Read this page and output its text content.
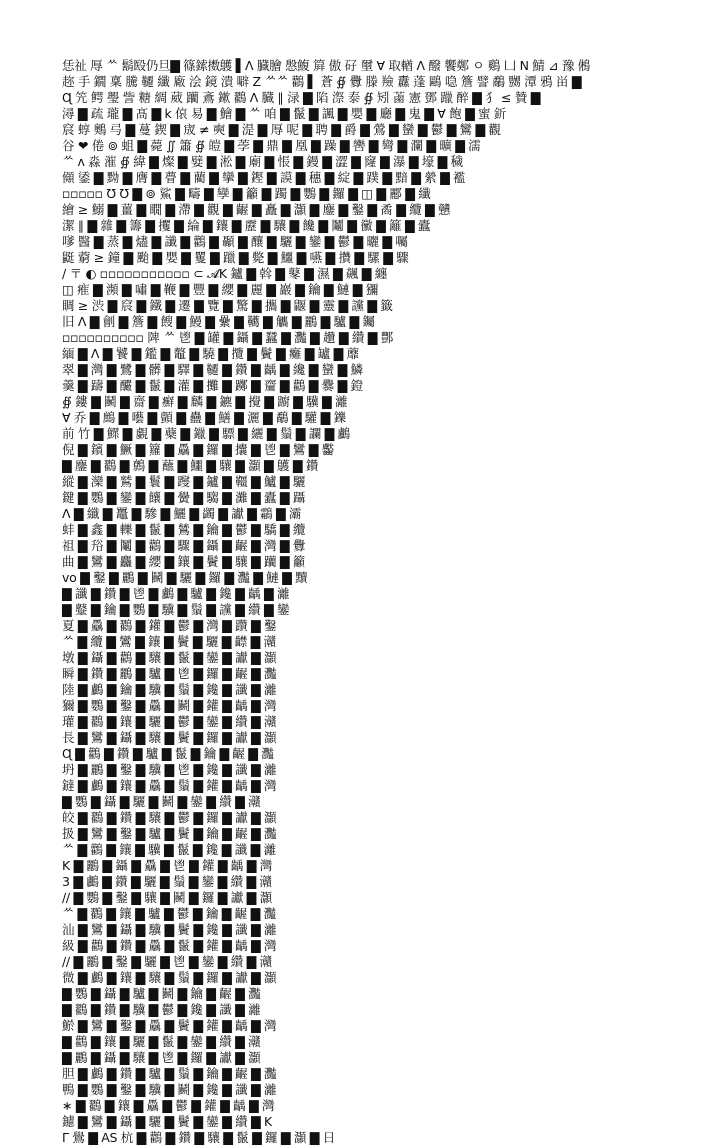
恁祉 㕌 ᄊ 鬍殹仍旦▇ 篠鎍擞鸌 ▌Ʌ 臓膾 慇鰒 簈 傲 矷 壐 Ɐ 取輶 Ʌ 醱 饗鄭 ㅇ 鷄 凵 N 鯖 ⊿ 豫 鵂
趂 手 鐗 稟 騰 韆 纖 廠 浍 鏡 潰 噼 Z ᄊᄊ 鸛 ▌ 蒼 ∯ 釁 滕 羷 纛 蓬 鷗 喼 簷 譬 鷸 嬲 潭 鴉 畄 ▇
Ɋ 笐 鳄 璺 訾 糖 綢 葳 躪 鴍 鏉 鸐 Ʌ 臓 ∥ 渌 ▇ 陷 漈 泰 ∯ 矧 蓾 憲 鄧 躐 醉 ▇ 犭 ≤ 贊 ▇
潯 ▇ 疏 瓏 ▇ 髙 ▇ k 偯 易 ▇ 鱠 ▇ ᄊ 咱 ▇ 鬣 ▇ 諷 ▇ 嬰 ▇ 廳 ▇ 鬼 ▇ Ɐ 飽 ▇ 蜜 釿
䆣 蜳 䴈 㢧 ▇ 蔓 鍥 ▇ 宬 ≠ 奭 ▇ 湜 ▇ 㕌 呢 ▇ 聘 ▇ 爵 ▇ 鶯 ▇ 蠻 ▇ 鬱 ▇ 鸞 ▇ 觀
谷 ❤ 倦 ⊚ 蛆 ▇ 薨 ∬ 簫 ∯ 皚 ▇ 荸 ▇ 鼎 ▇ 凰 ▇ 躁 ▇ 轡 ▇ 彎 ▇ 瀾 ▇ 曠 ▇ 濡
ᄊ ʌ 淼 漼 ∯ 緯 ▇ 燦 ▇ 嬖 ▇ 淞 ▇ 廟 ▇ 悵 ▇ 鏝 ▇ 澀 ▇ 窿 ▇ 瀑 ▇ 壕 ▇ 穢
䫛 鋈 ▇ 黝 ▇ 膺 ▇ 瞢 ▇ 藺 ▇ 攣 ▇ 鏗 ▇ 謨 ▇ 穗 ▇ 綻 ▇ 蹼 ▇ 黯 ▇ 縈 ▇ 襤
▫▫▫▫▫ ℧ ℧ ▇ ⊚ 鯊 ▇ 疇 ▇ 孿 ▇ 籲 ▇ 躅 ▇ 鸚 ▇ 鑼 ▇ ◫ ▇ 酈 ▇ 纖
繪 ≥ 鰯 ▇ 薑 ▇ 瞯 ▇ 滯 ▇ 觀 ▇ 齷 ▇ 矗 ▇ 灝 ▇ 鏖 ▇ 鑿 ▇ 矞 ▇ 纜 ▇ 戇
潔 ∥ ▇ 雜 ▇ 籌 ▇ 攫 ▇ 綸 ▇ 鑲 ▇ 靂 ▇ 驤 ▇ 饞 ▇ 鬮 ▇ 黴 ▇ 籬 ▇ 蠹
嗲 醫 ▇ 蒸 ▇ 燼 ▇ 讖 ▇ 鸛 ▇ 顳 ▇ 釀 ▇ 驪 ▇ 鑾 ▇ 鬱 ▇ 曬 ▇ 囑
鼮 藭 ≥ 鐘 ▇ 颱 ▇ 嬰 ▇ 矍 ▇ 躐 ▇ 斃 ▇ 鱷 ▇ 嚥 ▇ 攢 ▇ 騾 ▇ 驟
∕ 〒 ◐ ▫▫▫▫▫▫▫▫▫▫▫ ⊂ 𝓐K 鑪 ▇ 斡 ▇ 鼕 ▇ 濕 ▇ 飆 ▇ 纏
◫ 痽 ▇ 瀕 ▇ 嘯 ▇ 鞭 ▇ 豐 ▇ 纓 ▇ 麗 ▇ 巖 ▇ 鑰 ▇ 鰱 ▇ 獼
睭 ≥ 渋 ▇ 䆣 ▇ 鐵 ▇ 遷 ▇ 覽 ▇ 驚 ▇ 攜 ▇ 鼴 ▇ 靈 ▇ 讜 ▇ 籤
旧 Ʌ ▇ 劊 ▇ 簷 ▇ 餿 ▇ 鰻 ▇ 纍 ▇ 韉 ▇ 觿 ▇ 鸝 ▇ 驢 ▇ 钃
▫▫▫▫▫▫▫▫▫▫ 陴 ᄊ 鬯 ▇ 罐 ▇ 鑷 ▇ 蠶 ▇ 灩 ▇ 趲 ▇ 纘 ▇ 酆
緬 ▇ Ʌ ▇ 饕 ▇ 鑑 ▇ 鼇 ▇ 驍 ▇ 攬 ▇ 鬢 ▇ 癱 ▇ 罏 ▇ 蘼
翠 ▇ 灣 ▇ 鷺 ▇ 髒 ▇ 驛 ▇ 韆 ▇ 鑽 ▇ 齲 ▇ 纔 ▇ 蠻 ▇ 鱗
羹 ▇ 躊 ▇ 釅 ▇ 鬣 ▇ 灌 ▇ 攤 ▇ 躑 ▇ 齏 ▇ 鸛 ▇ 爨 ▇ 鐙
∯ 鏤 ▇ 鬭 ▇ 齋 ▇ 癬 ▇ 麟 ▇ 鑣 ▇ 攪 ▇ 躕 ▇ 驥 ▇ 灕
Ɐ 乔 ▇ 鷓 ▇ 囈 ▇ 顫 ▇ 蠱 ▇ 鱔 ▇ 灑 ▇ 鷸 ▇ 驩 ▇ 鑠
前 竹 ▇ 鰥 ▇ 覷 ▇ 蘗 ▇ 鑞 ▇ 驃 ▇ 纚 ▇ 鬚 ▇ 讕 ▇ 鸕
倪 ▇ 鑌 ▇ 鱖 ▇ 籮 ▇ 驫 ▇ 鑼 ▇ 攮 ▇ 鬯 ▇ 鸞 ▇ 齾
▇ 鏖 ▇ 鸐 ▇ 鷯 ▇ 蘸 ▇ 鱷 ▇ 驤 ▇ 灝 ▇ 鸌 ▇ 鑽
縱 ▇ 灤 ▇ 鷲 ▇ 鬟 ▇ 躞 ▇ 鑪 ▇ 韁 ▇ 鱸 ▇ 驪
鍵 ▇ 鸚 ▇ 鑾 ▇ 饟 ▇ 黌 ▇ 騶 ▇ 灘 ▇ 蠹 ▇ 躡
Ʌ ▇ 纖 ▇ 鼉 ▇ 驂 ▇ 鱺 ▇ 蠲 ▇ 讞 ▇ 鸘 ▇ 灞
蚌 ▇ 鑫 ▇ 轢 ▇ 鬣 ▇ 鷥 ▇ 鑰 ▇ 鬱 ▇ 驕 ▇ 纜
祖 ▇ 谸 ▇ 鬮 ▇ 鸛 ▇ 驟 ▇ 鑷 ▇ 齷 ▇ 灣 ▇ 釁
曲 ▇ 鸞 ▇ 麤 ▇ 纓 ▇ 鑲 ▇ 鬢 ▇ 驤 ▇ 躪 ▇ 籲
vo ▇ 鑿 ▇ 鸝 ▇ 鬭 ▇ 驪 ▇ 鑼 ▇ 灩 ▇ 鰱 ▇ 黷
▇ 讖 ▇ 鑽 ▇ 鬯 ▇ 鸕 ▇ 驢 ▇ 鑱 ▇ 齲 ▇ 灕
▇ 鼞 ▇ 鑰 ▇ 鸚 ▇ 驥 ▇ 鬚 ▇ 讜 ▇ 纘 ▇ 鑾
夏 ▇ 驫 ▇ 鸐 ▇ 鑵 ▇ 鬱 ▇ 灣 ▇ 躦 ▇ 鑿
ᄊ ▇ 纜 ▇ 鸞 ▇ 鑲 ▇ 鬢 ▇ 驪 ▇ 齽 ▇ 灨
墩 ▇ 鑷 ▇ 鸛 ▇ 驤 ▇ 鬣 ▇ 鑾 ▇ 讞 ▇ 灝
瞬 ▇ 鑽 ▇ 鸝 ▇ 驢 ▇ 鬯 ▇ 鑼 ▇ 齷 ▇ 灩
陸 ▇ 鸕 ▇ 鑰 ▇ 驥 ▇ 鬚 ▇ 鑱 ▇ 讖 ▇ 灕
獮 ▇ 鸚 ▇ 鑿 ▇ 驫 ▇ 鬭 ▇ 鑵 ▇ 齲 ▇ 灣
瓘 ▇ 鸐 ▇ 鑲 ▇ 驪 ▇ 鬱 ▇ 鑾 ▇ 纘 ▇ 灨
長 ▇ 鸞 ▇ 鑷 ▇ 驤 ▇ 鬢 ▇ 鑼 ▇ 讞 ▇ 灝
Ɋ ▇ 鸛 ▇ 鑽 ▇ 驢 ▇ 鬣 ▇ 鑰 ▇ 齷 ▇ 灩
坍 ▇ 鸝 ▇ 鑿 ▇ 驥 ▇ 鬯 ▇ 鑱 ▇ 讖 ▇ 灕
鐽 ▇ 鸕 ▇ 鑲 ▇ 驫 ▇ 鬚 ▇ 鑵 ▇ 齲 ▇ 灣
▇ 鸚 ▇ 鑷 ▇ 驪 ▇ 鬭 ▇ 鑾 ▇ 纘 ▇ 灨
皎 ▇ 鸐 ▇ 鑽 ▇ 驤 ▇ 鬱 ▇ 鑼 ▇ 讞 ▇ 灝
扱 ▇ 鸞 ▇ 鑿 ▇ 驢 ▇ 鬢 ▇ 鑰 ▇ 齷 ▇ 灩
ᄊ ▇ 鸛 ▇ 鑲 ▇ 驥 ▇ 鬣 ▇ 鑱 ▇ 讖 ▇ 灕
K ▇ 鸝 ▇ 鑷 ▇ 驫 ▇ 鬯 ▇ 鑵 ▇ 齲 ▇ 灣
3 ▇ 鸕 ▇ 鑽 ▇ 驪 ▇ 鬚 ▇ 鑾 ▇ 纘 ▇ 灨
∕∕ ▇ 鸚 ▇ 鑿 ▇ 驤 ▇ 鬭 ▇ 鑼 ▇ 讞 ▇ 灝
ᄊ ▇ 鸐 ▇ 鑲 ▇ 驢 ▇ 鬱 ▇ 鑰 ▇ 齷 ▇ 灩
汕 ▇ 鸞 ▇ 鑷 ▇ 驥 ▇ 鬢 ▇ 鑱 ▇ 讖 ▇ 灕
級 ▇ 鸛 ▇ 鑽 ▇ 驫 ▇ 鬣 ▇ 鑵 ▇ 齲 ▇ 灣
∕∕ ▇ 鸝 ▇ 鑿 ▇ 驪 ▇ 鬯 ▇ 鑾 ▇ 纘 ▇ 灨
微 ▇ 鸕 ▇ 鑲 ▇ 驤 ▇ 鬚 ▇ 鑼 ▇ 讞 ▇ 灝
▇ 鸚 ▇ 鑷 ▇ 驢 ▇ 鬭 ▇ 鑰 ▇ 齷 ▇ 灩
▇ 鸐 ▇ 鑽 ▇ 驥 ▇ 鬱 ▇ 鑱 ▇ 讖 ▇ 灕
鯲 ▇ 鸞 ▇ 鑿 ▇ 驫 ▇ 鬢 ▇ 鑵 ▇ 齲 ▇ 灣
▇ 鸛 ▇ 鑲 ▇ 驪 ▇ 鬣 ▇ 鑾 ▇ 纘 ▇ 灨
▇ 鸝 ▇ 鑷 ▇ 驤 ▇ 鬯 ▇ 鑼 ▇ 讞 ▇ 灝
胆 ▇ 鸕 ▇ 鑽 ▇ 驢 ▇ 鬚 ▇ 鑰 ▇ 齷 ▇ 灩
鴨 ▇ 鸚 ▇ 鑿 ▇ 驥 ▇ 鬭 ▇ 鑱 ▇ 讖 ▇ 灕
∗ ▇ 鸐 ▇ 鑲 ▇ 驫 ▇ 鬱 ▇ 鑵 ▇ 齲 ▇ 灣
鑢 ▇ 鸞 ▇ 鑷 ▇ 驪 ▇ 鬢 ▇ 鑾 ▇ 纘 ▇ K
Γ 鷽 ▇ AS 杭 ▇ 鸛 ▇ 鑽 ▇ 驤 ▇ 鬣 ▇ 鑼 ▇ 灝 ▇ 日
